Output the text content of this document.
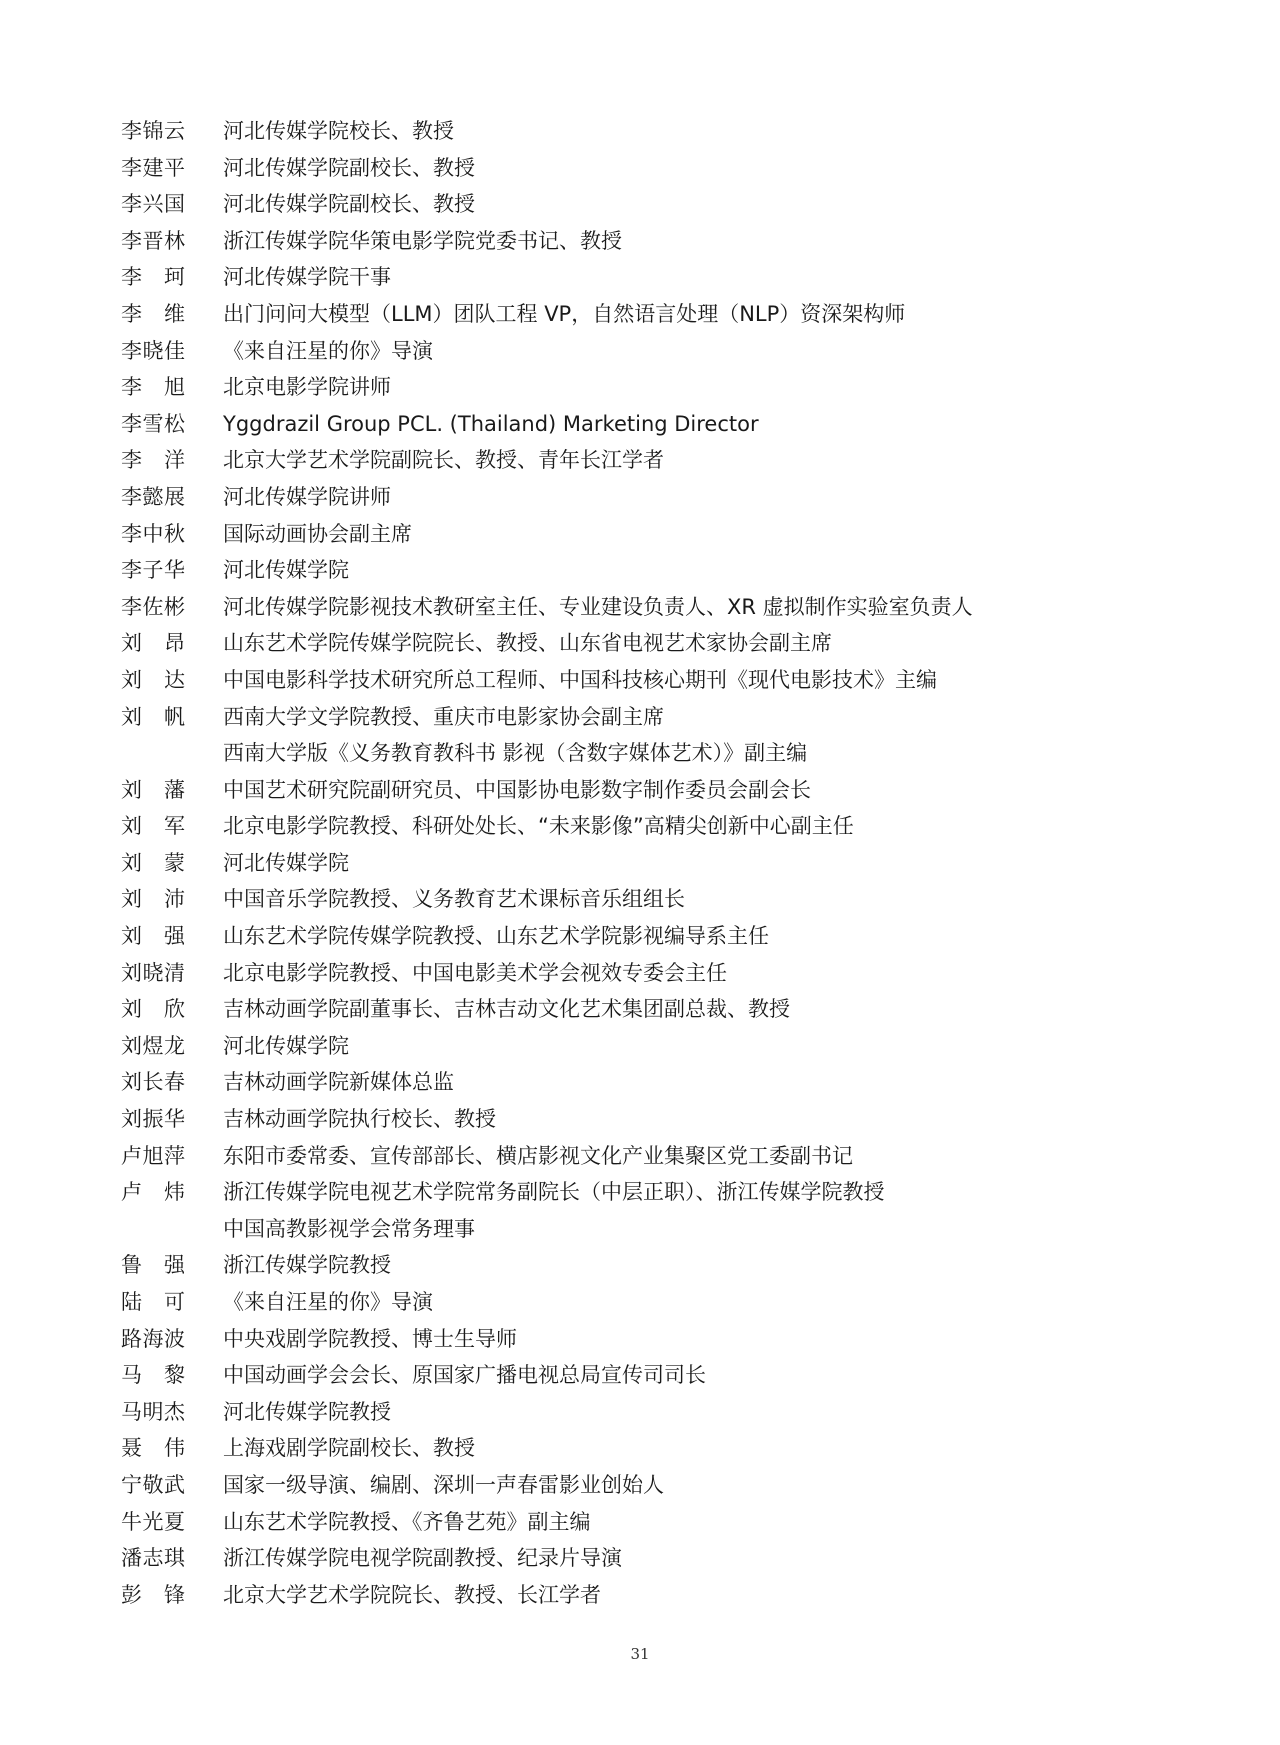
李锦云	河北传媒学院校长、教授
李建平	河北传媒学院副校长、教授
李兴国	河北传媒学院副校长、教授
李晋林	浙江传媒学院华策电影学院党委书记、教授
李　珂	河北传媒学院干事
李　维	出门问问大模型（LLM）团队工程 VP，自然语言处理（NLP）资深架构师
李晓佳	《来自汪星的你》导演
李　旭	北京电影学院讲师
李雪松	Yggdrazil Group PCL. (Thailand) Marketing Director
李　洋	北京大学艺术学院副院长、教授、青年长江学者
李懿展	河北传媒学院讲师
李中秋	国际动画协会副主席
李子华	河北传媒学院
李佐彬	河北传媒学院影视技术教研室主任、专业建设负责人、XR 虚拟制作实验室负责人
刘　昂	山东艺术学院传媒学院院长、教授、山东省电视艺术家协会副主席
刘　达	中国电影科学技术研究所总工程师、中国科技核心期刊《现代电影技术》主编
刘　帆	西南大学文学院教授、重庆市电影家协会副主席
西南大学版《义务教育教科书 影视（含数字媒体艺术）》副主编
刘　藩	中国艺术研究院副研究员、中国影协电影数字制作委员会副会长
刘　军	北京电影学院教授、科研处处长、“未来影像”高精尖创新中心副主任
刘　蒙	河北传媒学院
刘　沛	中国音乐学院教授、义务教育艺术课标音乐组组长
刘　强	山东艺术学院传媒学院教授、山东艺术学院影视编导系主任
刘晓清	北京电影学院教授、中国电影美术学会视效专委会主任
刘　欣	吉林动画学院副董事长、吉林吉动文化艺术集团副总裁、教授
刘煜龙	河北传媒学院
刘长春	吉林动画学院新媒体总监
刘振华	吉林动画学院执行校长、教授
卢旭萍	东阳市委常委、宣传部部长、横店影视文化产业集聚区党工委副书记
卢　炜	浙江传媒学院电视艺术学院常务副院长（中层正职）、浙江传媒学院教授
中国高教影视学会常务理事
鲁　强	浙江传媒学院教授
陆　可	《来自汪星的你》导演
路海波	中央戏剧学院教授、博士生导师
马　黎	中国动画学会会长、原国家广播电视总局宣传司司长
马明杰	河北传媒学院教授
聂　伟	上海戏剧学院副校长、教授
宁敬武	国家一级导演、编剧、深圳一声春雷影业创始人
牛光夏	山东艺术学院教授、《齐鲁艺苑》副主编
潘志琪	浙江传媒学院电视学院副教授、纪录片导演
彭　锋	北京大学艺术学院院长、教授、长江学者
31
